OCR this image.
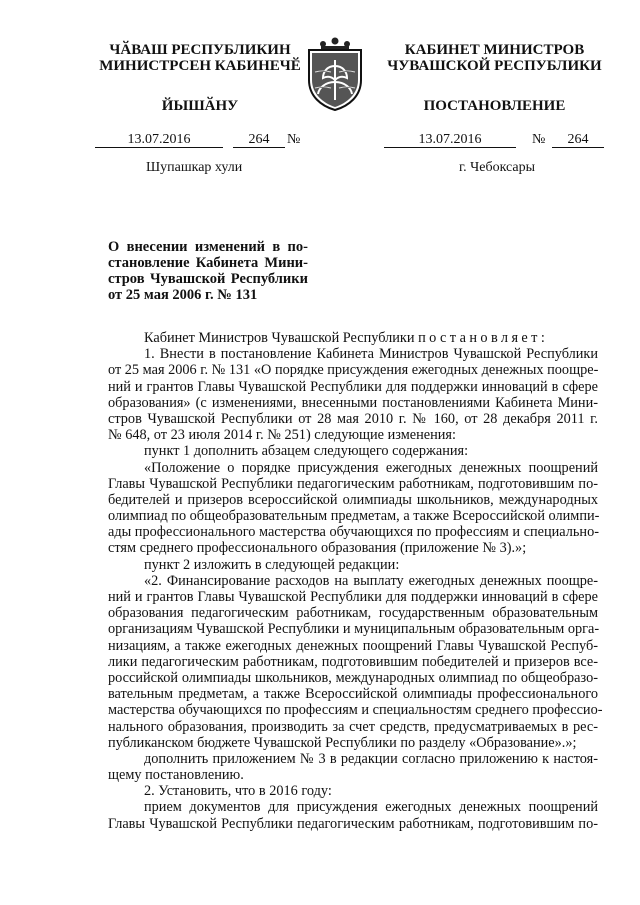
ЧӐВАШ РЕСПУБЛИКИН
МИНИСТРСЕН КАБИНЕЧӖ
КАБИНЕТ МИНИСТРОВ
ЧУВАШСКОЙ РЕСПУБЛИКИ
ЙЫШӐНУ	ПОСТАНОВЛЕНИЕ
13.07.2016	264	№	13.07.2016	№	264
Шупашкар хули	г. Чебоксары
О внесении изменений в по-
становление Кабинета Мини-
стров Чувашской Республики
от 25 мая 2006 г. № 131
Кабинет Министров Чувашской Республики постановляет:
1. Внести в постановление Кабинета Министров Чувашской Республики
от 25 мая 2006 г. № 131 «О порядке присуждения ежегодных денежных поощре-
ний и грантов Главы Чувашской Республики для поддержки инноваций в сфере
образования» (с изменениями, внесенными постановлениями Кабинета Мини-
стров Чувашской Республики от 28 мая 2010 г. № 160, от 28 декабря 2011 г.
№ 648, от 23 июля 2014 г. № 251) следующие изменения:
пункт 1 дополнить абзацем следующего содержания:
«Положение о порядке присуждения ежегодных денежных поощрений
Главы Чувашской Республики педагогическим работникам, подготовившим по-
бедителей и призеров всероссийской олимпиады школьников, международных
олимпиад по общеобразовательным предметам, а также Всероссийской олимпи-
ады профессионального мастерства обучающихся по профессиям и специально-
стям среднего профессионального образования (приложение № 3).»;
пункт 2 изложить в следующей редакции:
«2. Финансирование расходов на выплату ежегодных денежных поощре-
ний и грантов Главы Чувашской Республики для поддержки инноваций в сфере
образования педагогическим работникам, государственным образовательным
организациям Чувашской Республики и муниципальным образовательным орга-
низациям, а также ежегодных денежных поощрений Главы Чувашской Респуб-
лики педагогическим работникам, подготовившим победителей и призеров все-
российской олимпиады школьников, международных олимпиад по общеобразо-
вательным предметам, а также Всероссийской олимпиады профессионального
мастерства обучающихся по профессиям и специальностям среднего профессио-
нального образования, производить за счет средств, предусматриваемых в рес-
публиканском бюджете Чувашской Республики по разделу «Образование».»;
дополнить приложением № 3 в редакции согласно приложению к настоя-
щему постановлению.
2. Установить, что в 2016 году:
прием документов для присуждения ежегодных денежных поощрений
Главы Чувашской Республики педагогическим работникам, подготовившим по-
